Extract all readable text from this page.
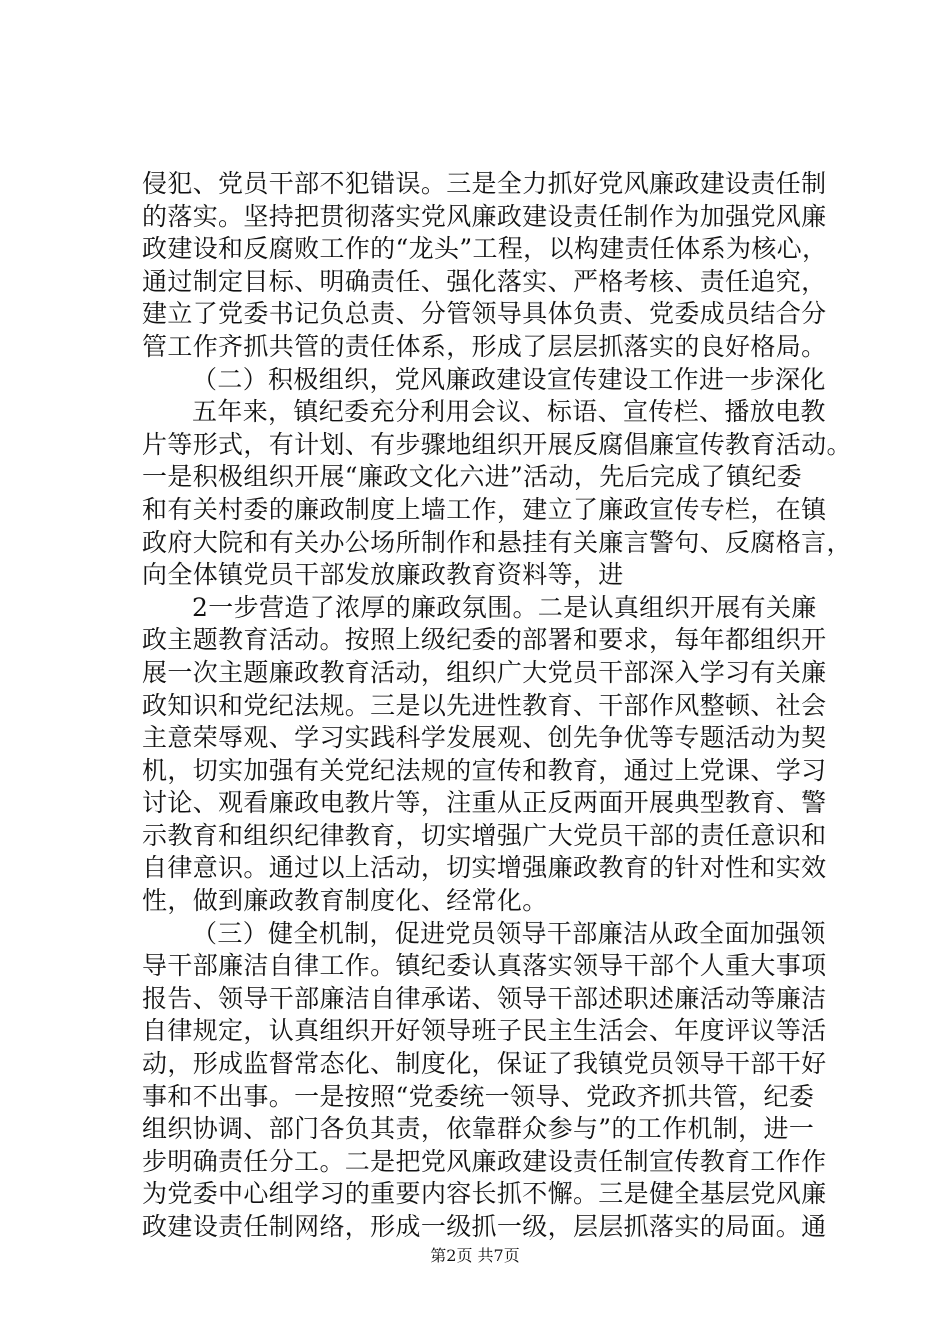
侵犯、党员干部不犯错误。三是全力抓好党风廉政建设责任制
的落实。坚持把贯彻落实党风廉政建设责任制作为加强党风廉
政建设和反腐败工作的“龙头”工程，以构建责任体系为核心，
通过制定目标、明确责任、强化落实、严格考核、责任追究，
建立了党委书记负总责、分管领导具体负责、党委成员结合分
管工作齐抓共管的责任体系，形成了层层抓落实的良好格局。
（二）积极组织，党风廉政建设宣传建设工作进一步深化
五年来，镇纪委充分利用会议、标语、宣传栏、播放电教
片等形式，有计划、有步骤地组织开展反腐倡廉宣传教育活动。
一是积极组织开展“廉政文化六进”活动，先后完成了镇纪委
和有关村委的廉政制度上墙工作，建立了廉政宣传专栏，在镇
政府大院和有关办公场所制作和悬挂有关廉言警句、反腐格言，
向全体镇党员干部发放廉政教育资料等，进
2一步营造了浓厚的廉政氛围。二是认真组织开展有关廉
政主题教育活动。按照上级纪委的部署和要求，每年都组织开
展一次主题廉政教育活动，组织广大党员干部深入学习有关廉
政知识和党纪法规。三是以先进性教育、干部作风整顿、社会
主意荣辱观、学习实践科学发展观、创先争优等专题活动为契
机，切实加强有关党纪法规的宣传和教育，通过上党课、学习
讨论、观看廉政电教片等，注重从正反两面开展典型教育、警
示教育和组织纪律教育，切实增强广大党员干部的责任意识和
自律意识。通过以上活动，切实增强廉政教育的针对性和实效
性，做到廉政教育制度化、经常化。
（三）健全机制，促进党员领导干部廉洁从政全面加强领
导干部廉洁自律工作。镇纪委认真落实领导干部个人重大事项
报告、领导干部廉洁自律承诺、领导干部述职述廉活动等廉洁
自律规定，认真组织开好领导班子民主生活会、年度评议等活
动，形成监督常态化、制度化，保证了我镇党员领导干部干好
事和不出事。一是按照“党委统一领导、党政齐抓共管，纪委
组织协调、部门各负其责，依靠群众参与”的工作机制，进一
步明确责任分工。二是把党风廉政建设责任制宣传教育工作作
为党委中心组学习的重要内容长抓不懈。三是健全基层党风廉
政建设责任制网络，形成一级抓一级，层层抓落实的局面。通
第2页 共7页
